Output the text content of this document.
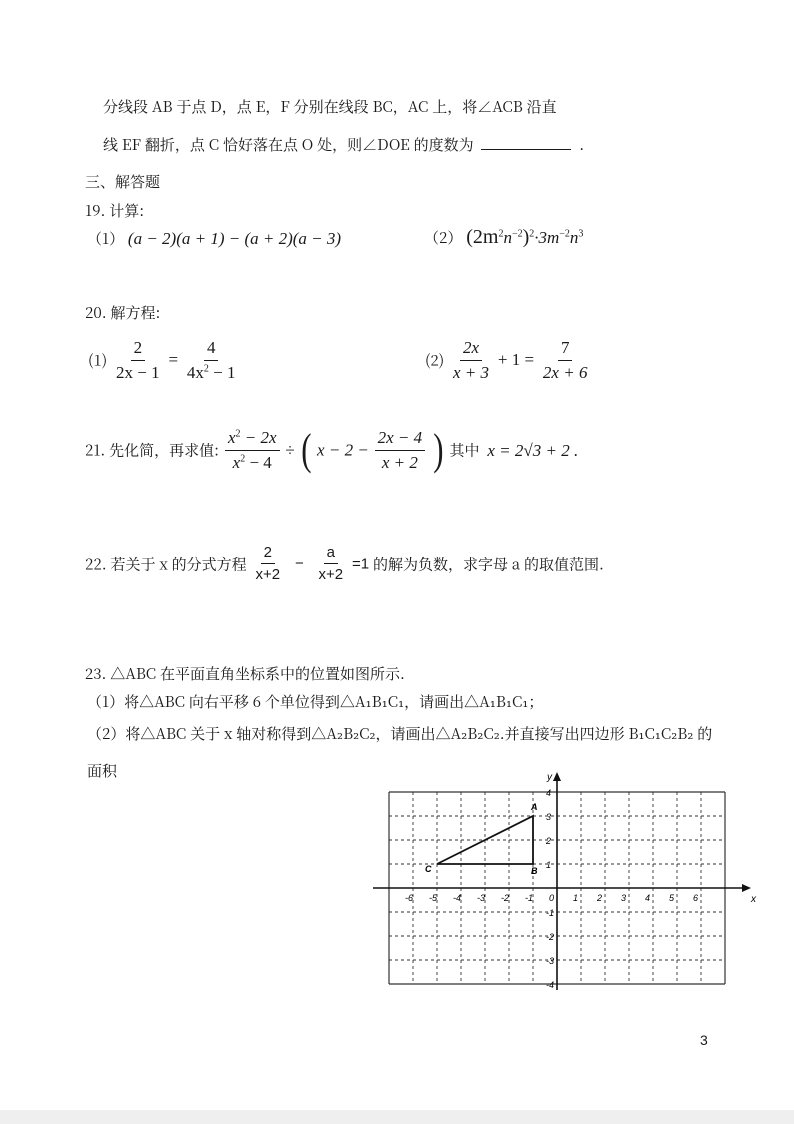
分线段 AB 于点 D，点 E，F 分别在线段 BC，AC 上，将∠ACB 沿直
线 EF 翻折，点 C 恰好落在点 O 处，则∠DOE 的度数为	.
三、解答题
19. 计算:
（1） (a − 2)(a + 1) − (a + 2)(a − 3)	（2） $(2m^2n^{-2})^2\cdot 3m^{-2}n^3$
20. 解方程:
$(1) \frac{2}{2x - 1} = \frac{4}{4x^2 - 1}$	$(2) \frac{2x}{x + 3} + 1 = \frac{7}{2x + 6}$
21. 先化简，再求值: $\frac{x^2 - 2x}{x^2 - 4}$ ÷ ( $x - 2 - \frac{2x - 4}{x + 2}$ ) 其中 x = 2√3 + 2 .
22. 若关于 x 的分式方程 $\frac{2}{x+2} - \frac{a}{x+2} =1$ 的解为负数，求字母 a 的取值范围.
23. △ABC 在平面直角坐标系中的位置如图所示.
（1）将△ABC 向右平移 6 个单位得到△A₁B₁C₁，请画出△A₁B₁C₁；
（2）将△ABC 关于 x 轴对称得到△A₂B₂C₂，请画出△A₂B₂C₂.并直接写出四边形 B₁C₁C₂B₂ 的
面积
x
y
-6 -5 -4 -3 -2 -1 0 1 2 3 4 5 6
4
3
2
1
-1
-2
-3
-4
A
B
C
3
